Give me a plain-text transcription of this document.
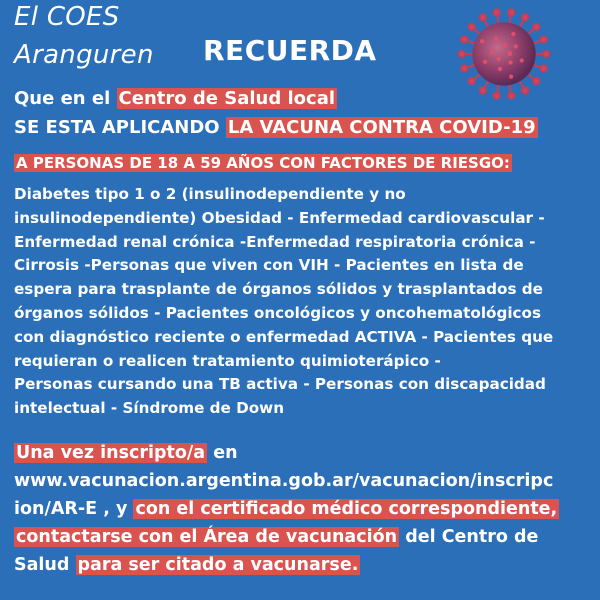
El COES
Aranguren RECUERDA
Que en el Centro de Salud local
SE ESTA APLICANDO LA VACUNA CONTRA COVID-19
A PERSONAS DE 18 A 59 AÑOS CON FACTORES DE RIESGO:
Diabetes tipo 1 o 2 (insulinodependiente y no
insulinodependiente) Obesidad - Enfermedad cardiovascular -
Enfermedad renal crónica -Enfermedad respiratoria crónica -
Cirrosis -Personas que viven con VIH - Pacientes en lista de
espera para trasplante de órganos sólidos y trasplantados de
órganos sólidos - Pacientes oncológicos y oncohematológicos
con diagnóstico reciente o enfermedad ACTIVA - Pacientes que
requieran o realicen tratamiento quimioterápico -
Personas cursando una TB activa - Personas con discapacidad
intelectual - Síndrome de Down
Una vez inscripto/a en
www.vacunacion.argentina.gob.ar/vacunacion/inscripc
ion/AR-E , y con el certificado médico correspondiente,
contactarse con el Área de vacunación del Centro de
Salud para ser citado a vacunarse.
